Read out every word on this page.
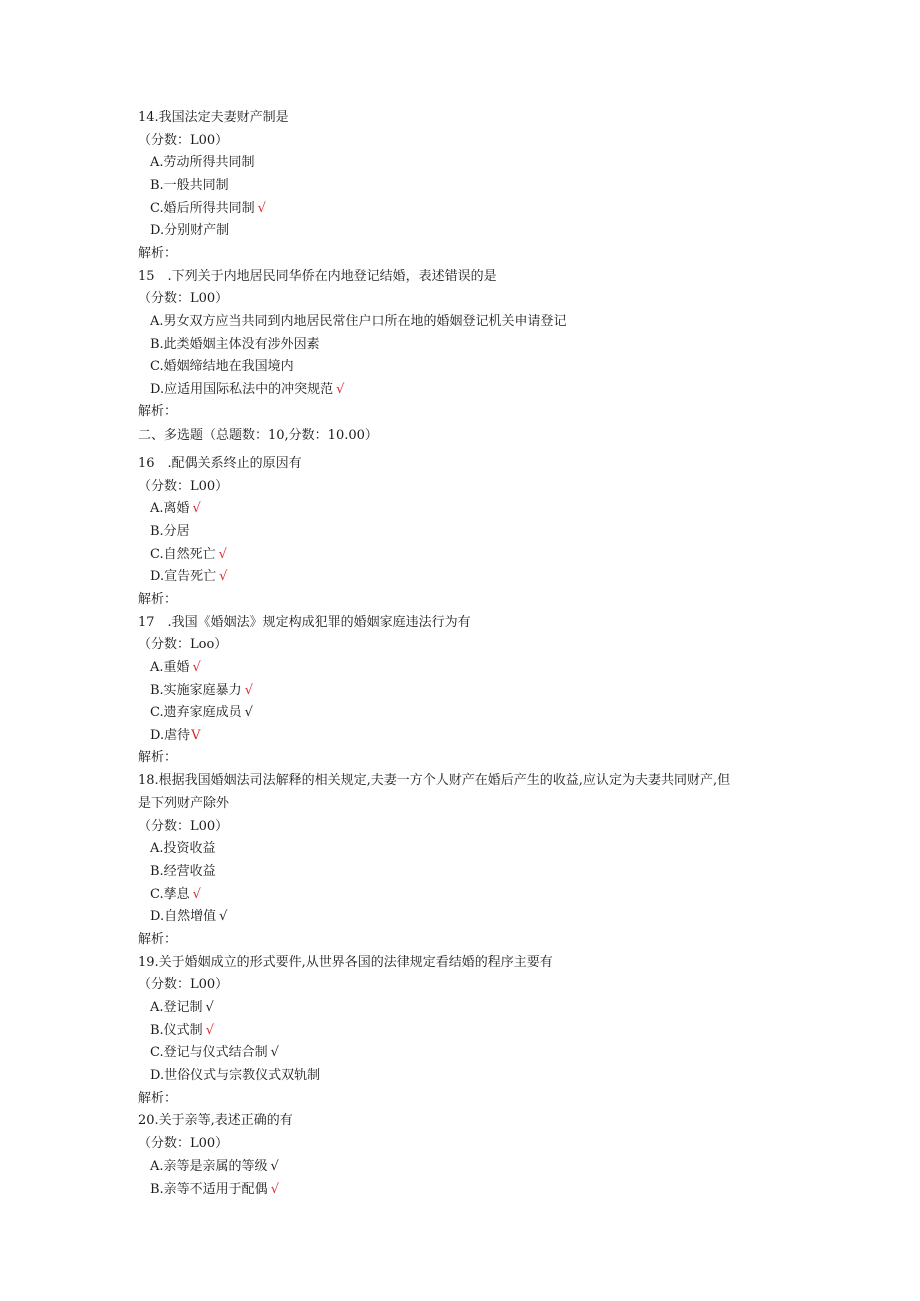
14.我国法定夫妻财产制是
（分数：L00）
A.劳动所得共同制
B.一般共同制
C.婚后所得共同制 √
D.分别财产制
解析：
15　.下列关于内地居民同华侨在内地登记结婚，表述错误的是
（分数：L00）
A.男女双方应当共同到内地居民常住户口所在地的婚姻登记机关申请登记
B.此类婚姻主体没有涉外因素
C.婚姻缔结地在我国境内
D.应适用国际私法中的冲突规范 √
解析：
二、多选题（总题数：10,分数：10.00）
16　.配偶关系终止的原因有
（分数：L00）
A.离婚 √
B.分居
C.自然死亡 √
D.宣告死亡 √
解析：
17　.我国《婚姻法》规定构成犯罪的婚姻家庭违法行为有
（分数：Loo）
A.重婚 √
B.实施家庭暴力 √
C.遗弃家庭成员 √
D.虐待V
解析：
18.根据我国婚姻法司法解释的相关规定,夫妻一方个人财产在婚后产生的收益,应认定为夫妻共同财产,但
是下列财产除外
（分数：L00）
A.投资收益
B.经营收益
C.孳息 √
D.自然增值 √
解析：
19.关于婚姻成立的形式要件,从世界各国的法律规定看结婚的程序主要有
（分数：L00）
A.登记制 √
B.仪式制 √
C.登记与仪式结合制 √
D.世俗仪式与宗教仪式双轨制
解析：
20.关于亲等,表述正确的有
（分数：L00）
A.亲等是亲属的等级 √
B.亲等不适用于配偶 √
